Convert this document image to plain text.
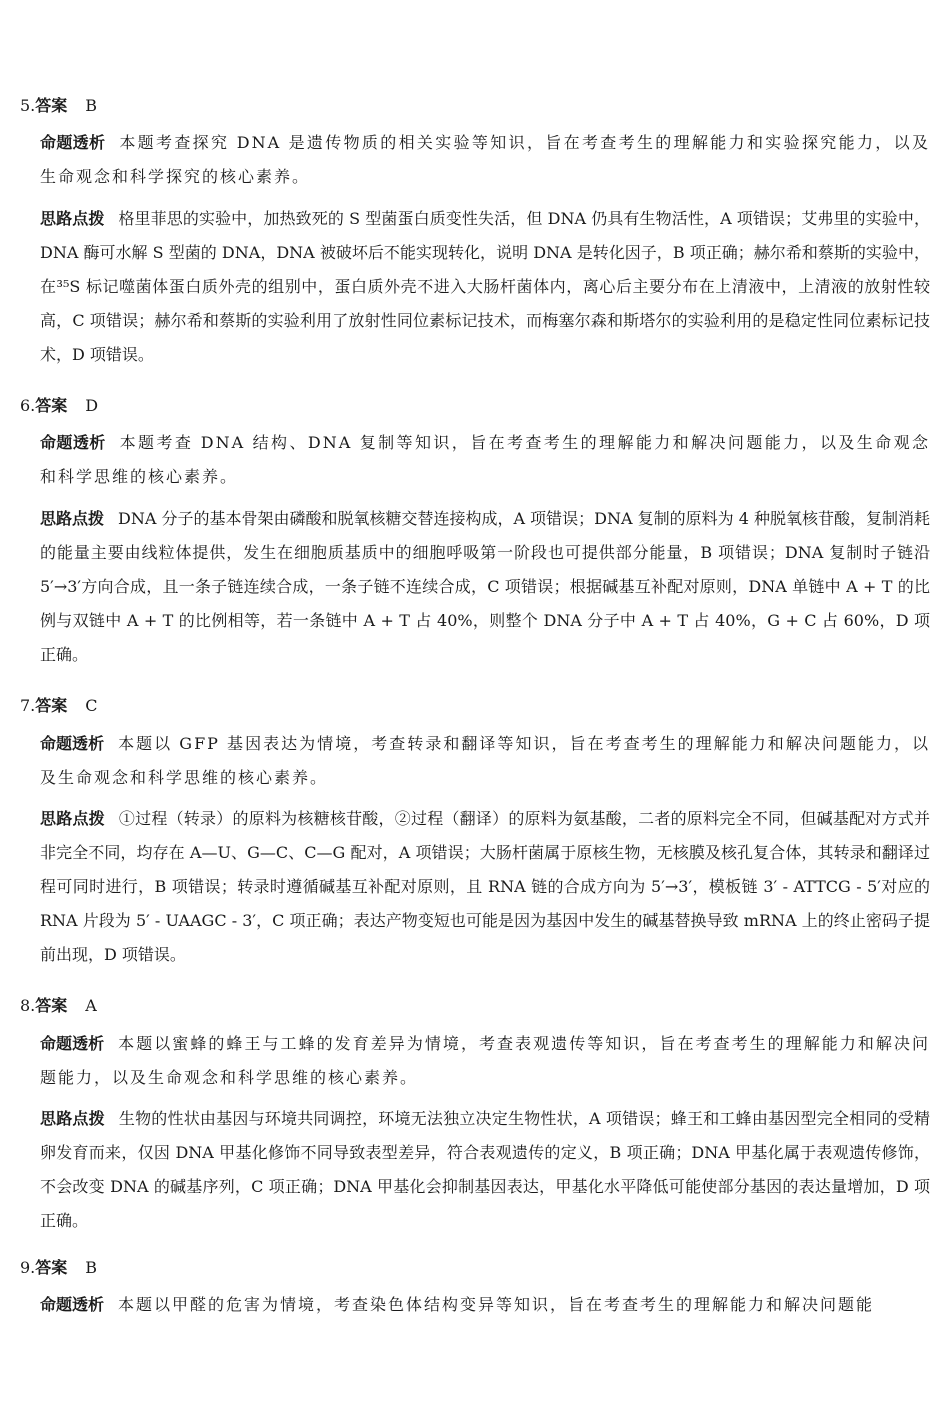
5.答案 B
命题透析 本题考查探究 DNA 是遗传物质的相关实验等知识，旨在考查考生的理解能力和实验探究能力，以及生命观念和科学探究的核心素养。
思路点拨 格里菲思的实验中，加热致死的 S 型菌蛋白质变性失活，但 DNA 仍具有生物活性，A 项错误；艾弗里的实验中，DNA 酶可水解 S 型菌的 DNA，DNA 被破坏后不能实现转化，说明 DNA 是转化因子，B 项正确；赫尔希和蔡斯的实验中，在³⁵S 标记噬菌体蛋白质外壳的组别中，蛋白质外壳不进入大肠杆菌体内，离心后主要分布在上清液中，上清液的放射性较高，C 项错误；赫尔希和蔡斯的实验利用了放射性同位素标记技术，而梅塞尔森和斯塔尔的实验利用的是稳定性同位素标记技术，D 项错误。
6.答案 D
命题透析 本题考查 DNA 结构、DNA 复制等知识，旨在考查考生的理解能力和解决问题能力，以及生命观念和科学思维的核心素养。
思路点拨 DNA 分子的基本骨架由磷酸和脱氧核糖交替连接构成，A 项错误；DNA 复制的原料为 4 种脱氧核苷酸，复制消耗的能量主要由线粒体提供，发生在细胞质基质中的细胞呼吸第一阶段也可提供部分能量，B 项错误；DNA 复制时子链沿 5′→3′方向合成，且一条子链连续合成，一条子链不连续合成，C 项错误；根据碱基互补配对原则，DNA 单链中 A + T 的比例与双链中 A + T 的比例相等，若一条链中 A + T 占 40%，则整个 DNA 分子中 A + T 占 40%，G + C 占 60%，D 项正确。
7.答案 C
命题透析 本题以 GFP 基因表达为情境，考查转录和翻译等知识，旨在考查考生的理解能力和解决问题能力，以及生命观念和科学思维的核心素养。
思路点拨 ①过程（转录）的原料为核糖核苷酸，②过程（翻译）的原料为氨基酸，二者的原料完全不同，但碱基配对方式并非完全不同，均存在 A—U、G—C、C—G 配对，A 项错误；大肠杆菌属于原核生物，无核膜及核孔复合体，其转录和翻译过程可同时进行，B 项错误；转录时遵循碱基互补配对原则，且 RNA 链的合成方向为 5′→3′，模板链 3′ - ATTCG - 5′对应的 RNA 片段为 5′ - UAAGC - 3′，C 项正确；表达产物变短也可能是因为基因中发生的碱基替换导致 mRNA 上的终止密码子提前出现，D 项错误。
8.答案 A
命题透析 本题以蜜蜂的蜂王与工蜂的发育差异为情境，考查表观遗传等知识，旨在考查考生的理解能力和解决问题能力，以及生命观念和科学思维的核心素养。
思路点拨 生物的性状由基因与环境共同调控，环境无法独立决定生物性状，A 项错误；蜂王和工蜂由基因型完全相同的受精卵发育而来，仅因 DNA 甲基化修饰不同导致表型差异，符合表观遗传的定义，B 项正确；DNA 甲基化属于表观遗传修饰，不会改变 DNA 的碱基序列，C 项正确；DNA 甲基化会抑制基因表达，甲基化水平降低可能使部分基因的表达量增加，D 项正确。
9.答案 B
命题透析 本题以甲醛的危害为情境，考查染色体结构变异等知识，旨在考查考生的理解能力和解决问题能
